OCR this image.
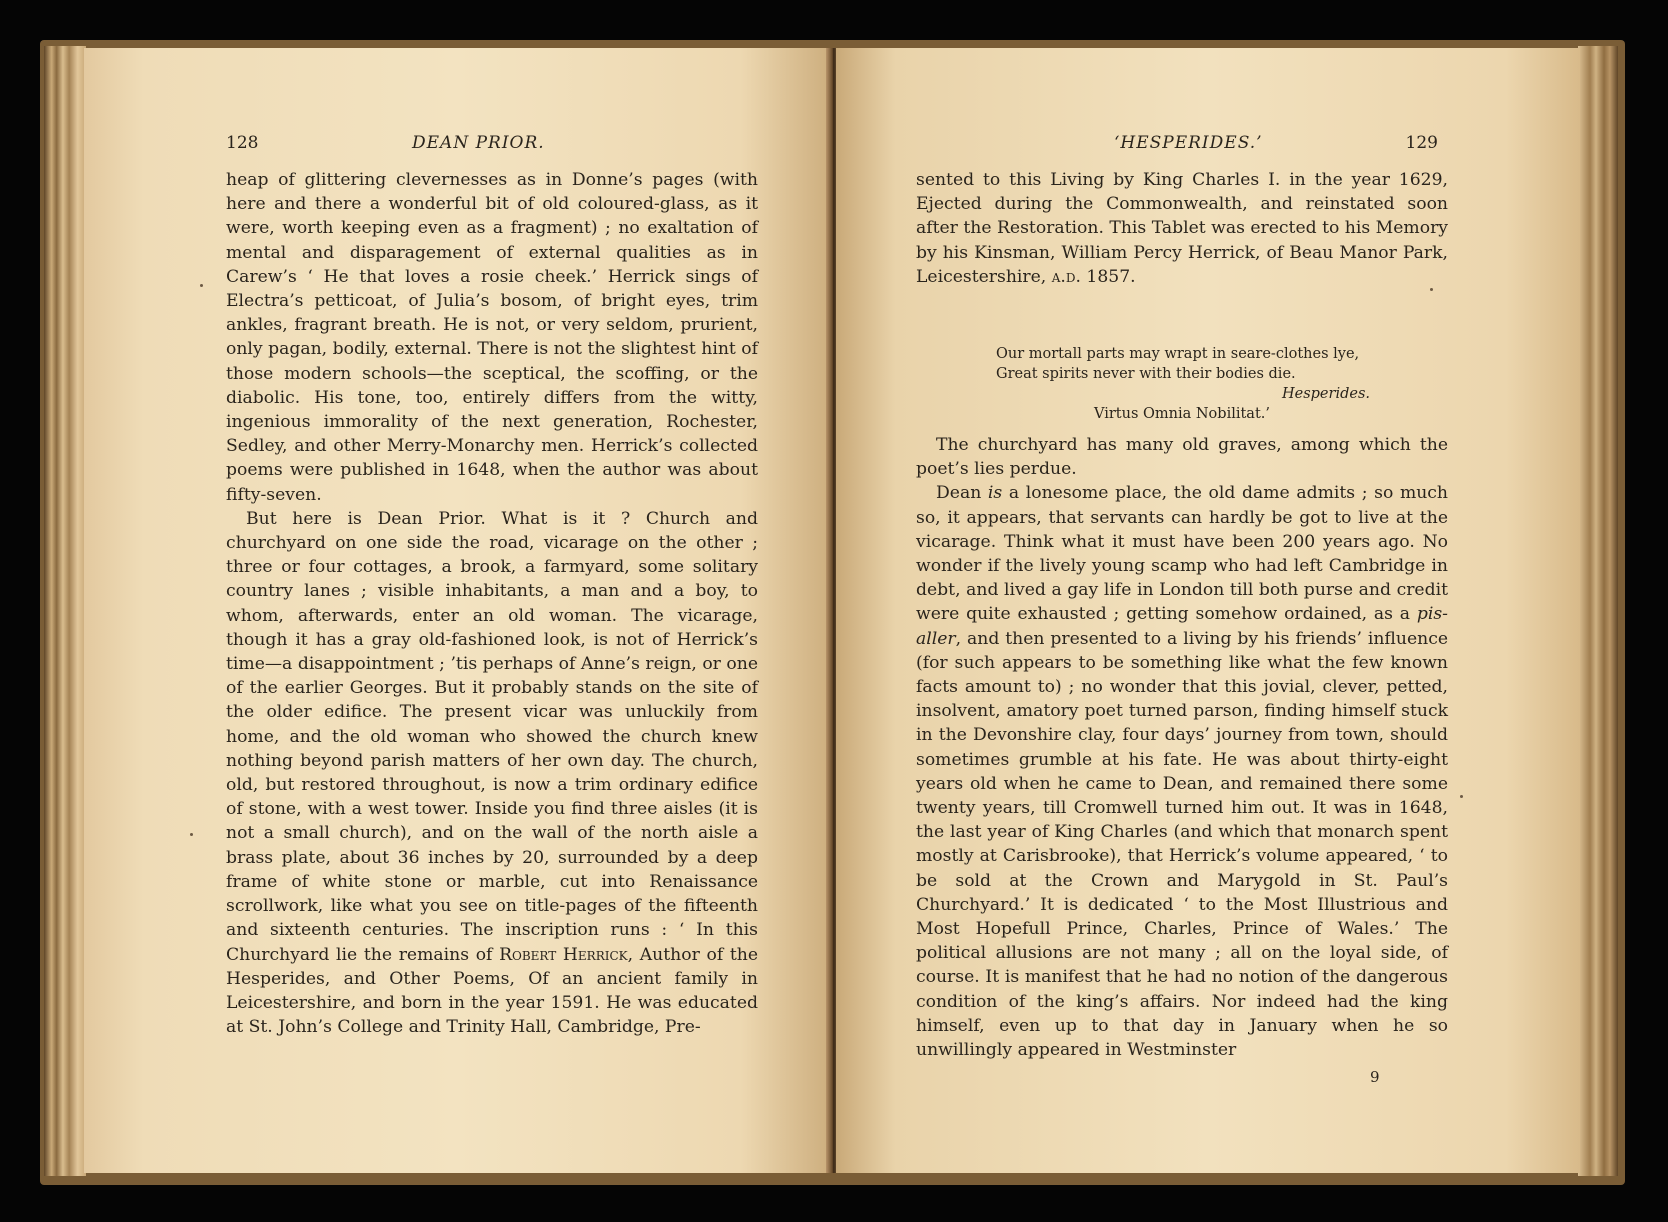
128	DEAN PRIOR.

heap of glittering clevernesses as in Donne’s pages (with here and there a wonderful bit of old coloured-glass, as it were, worth keeping even as a fragment) ; no exaltation of mental and disparagement of external qualities as in Carew’s ‘ He that loves a rosie cheek.’ Herrick sings of Electra’s petticoat, of Julia’s bosom, of bright eyes, trim ankles, fragrant breath. He is not, or very seldom, prurient, only pagan, bodily, external. There is not the slightest hint of those modern schools—the sceptical, the scoffing, or the diabolic. His tone, too, entirely differs from the witty, ingenious immorality of the next generation, Rochester, Sedley, and other Merry-Monarchy men. Herrick’s collected poems were published in 1648, when the author was about fifty-seven.

But here is Dean Prior. What is it ? Church and churchyard on one side the road, vicarage on the other ; three or four cottages, a brook, a farmyard, some solitary country lanes ; visible inhabitants, a man and a boy, to whom, afterwards, enter an old woman. The vicarage, though it has a gray old-fashioned look, is not of Herrick’s time—a disappointment ; ’tis perhaps of Anne’s reign, or one of the earlier Georges. But it probably stands on the site of the older edifice. The present vicar was unluckily from home, and the old woman who showed the church knew nothing beyond parish matters of her own day. The church, old, but restored throughout, is now a trim ordinary edifice of stone, with a west tower. Inside you find three aisles (it is not a small church), and on the wall of the north aisle a brass plate, about 36 inches by 20, surrounded by a deep frame of white stone or marble, cut into Renaissance scrollwork, like what you see on title-pages of the fifteenth and sixteenth centuries. The inscription runs : ‘ In this Churchyard lie the remains of Robert Herrick, Author of the Hesperides, and Other Poems, Of an ancient family in Leicestershire, and born in the year 1591. He was educated at St. John’s College and Trinity Hall, Cambridge, Pre-

‘HESPERIDES.’	129

sented to this Living by King Charles I. in the year 1629, Ejected during the Commonwealth, and reinstated soon after the Restoration. This Tablet was erected to his Memory by his Kinsman, William Percy Herrick, of Beau Manor Park, Leicestershire, a.d. 1857.

Our mortall parts may wrapt in seare-clothes lye,
Great spirits never with their bodies die.
Hesperides.
Virtus Omnia Nobilitat.’

The churchyard has many old graves, among which the poet’s lies perdue.

Dean is a lonesome place, the old dame admits ; so much so, it appears, that servants can hardly be got to live at the vicarage. Think what it must have been 200 years ago. No wonder if the lively young scamp who had left Cambridge in debt, and lived a gay life in London till both purse and credit were quite exhausted ; getting somehow ordained, as a pis-aller, and then presented to a living by his friends’ influence (for such appears to be something like what the few known facts amount to) ; no wonder that this jovial, clever, petted, insolvent, amatory poet turned parson, finding himself stuck in the Devonshire clay, four days’ journey from town, should sometimes grumble at his fate. He was about thirty-eight years old when he came to Dean, and remained there some twenty years, till Cromwell turned him out. It was in 1648, the last year of King Charles (and which that monarch spent mostly at Carisbrooke), that Herrick’s volume appeared, ‘ to be sold at the Crown and Marygold in St. Paul’s Churchyard.’ It is dedicated ‘ to the Most Illustrious and Most Hopefull Prince, Charles, Prince of Wales.’ The political allusions are not many ; all on the loyal side, of course. It is manifest that he had no notion of the dangerous condition of the king’s affairs. Nor indeed had the king himself, even up to that day in January when he so unwillingly appeared in Westminster

9
